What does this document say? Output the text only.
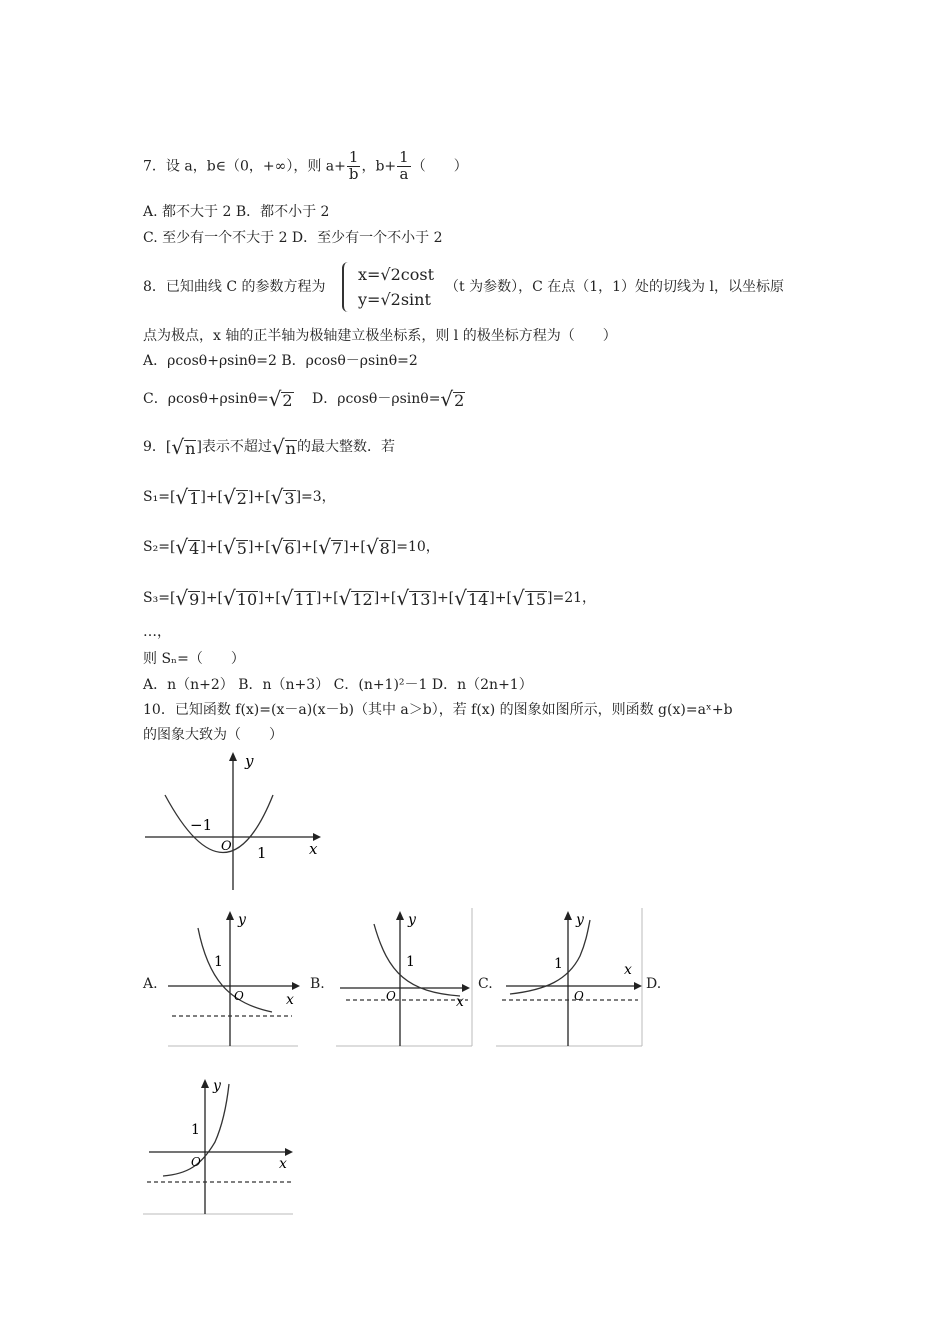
7．设 a，b∈（0，+∞），则 $a+ \frac{1}{b}$ ，$b+ \frac{1}{a}$ （　　）
A. 都不大于 2 B．都不小于 2
C. 至少有一个不大于 2 D．至少有一个不小于 2
8．已知曲线 C 的参数方程为
x=√2cost
y=√2sint
（t 为参数），C 在点（1，1）处的切线为 l，以坐标原
点为极点，x 轴的正半轴为极轴建立极坐标系，则 l 的极坐标方程为（　　）
A．ρcosθ+ρsinθ=2 B．ρcosθ－ρsinθ=2
C．ρcosθ+ρsinθ= √ 2 D．ρcosθ－ρsinθ= √ 2
9．[ √ n ]表示不超过 √ n 的最大整数．若
S₁=[ √ 1 ]+[ √ 2 ]+[ √ 3 ]=3，
S₂=[ √ 4 ]+[ √ 5 ]+[ √ 6 ]+[ √ 7 ]+[ √ 8 ]=10，
S₃=[ √ 9 ]+[ √ 10 ]+[ √ 11 ]+[ √ 12 ]+[ √ 13 ]+[ √ 14 ]+[ √ 15 ]=21，
…，
则 Sₙ=（　　）
A．n（n+2） B．n（n+3） C．(n+1)²－1 D．n（2n+1）
10．已知函数 f(x)=(x－a)(x－b)（其中 a＞b），若 f(x) 的图象如图所示，则函数 g(x)=aˣ+b
的图象大致为（　　）
y
x
O
−1
1
A.	B.	C.	D.
y
x
O
1
y
x
O
1
y
x
O
1
y
x
O
1
